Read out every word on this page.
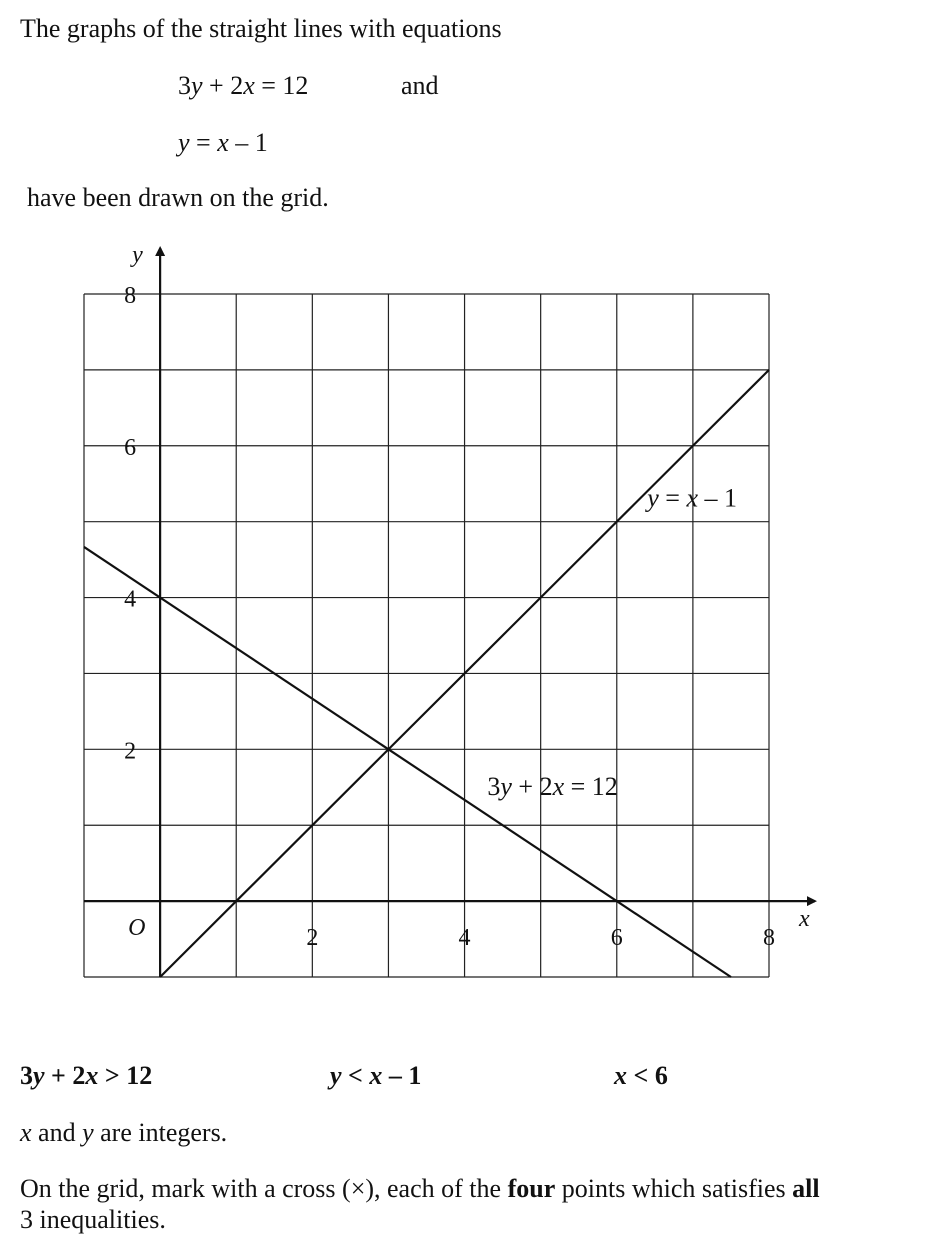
The graphs of the straight lines with equations
3y + 2x = 12	and
y = x – 1
have been drawn on the grid.
x
y
O	2	4	6	8
2
4
6
8
y = x – 1
3y + 2x = 12
3y + 2x > 12	y < x – 1	x < 6
x and y are integers.
On the grid, mark with a cross (×), each of the four points which satisfies all
3 inequalities.
